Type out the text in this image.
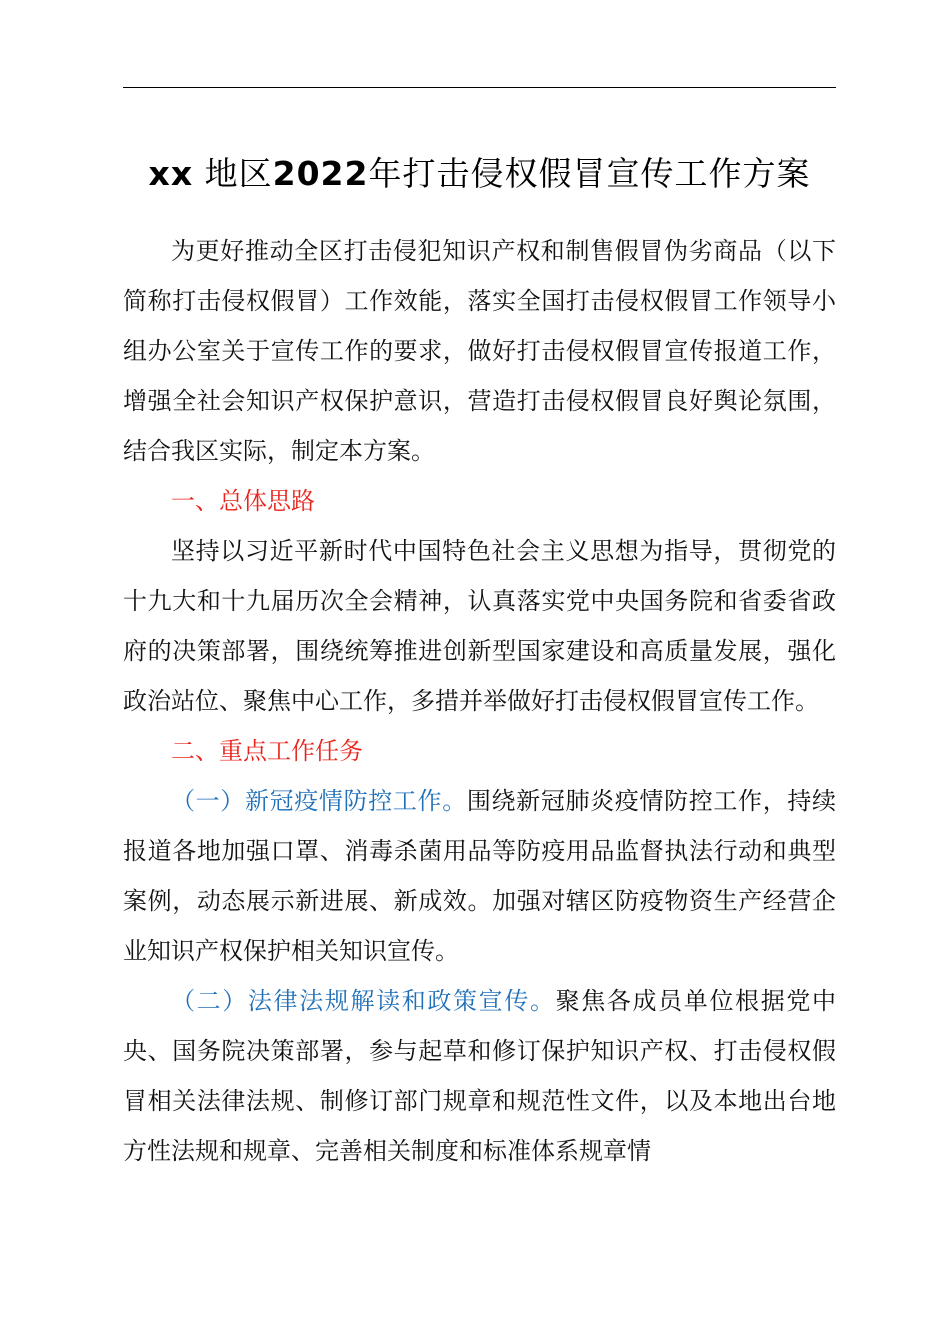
xx 地区2022年打击侵权假冒宣传工作方案

为更好推动全区打击侵犯知识产权和制售假冒伪劣商品（以下简称打击侵权假冒）工作效能，落实全国打击侵权假冒工作领导小组办公室关于宣传工作的要求，做好打击侵权假冒宣传报道工作，增强全社会知识产权保护意识，营造打击侵权假冒良好舆论氛围，结合我区实际，制定本方案。

一、总体思路

坚持以习近平新时代中国特色社会主义思想为指导，贯彻党的十九大和十九届历次全会精神，认真落实党中央国务院和省委省政府的决策部署，围绕统筹推进创新型国家建设和高质量发展，强化政治站位、聚焦中心工作，多措并举做好打击侵权假冒宣传工作。

二、重点工作任务

（一）新冠疫情防控工作。围绕新冠肺炎疫情防控工作，持续报道各地加强口罩、消毒杀菌用品等防疫用品监督执法行动和典型案例，动态展示新进展、新成效。加强对辖区防疫物资生产经营企业知识产权保护相关知识宣传。

（二）法律法规解读和政策宣传。聚焦各成员单位根据党中央、国务院决策部署，参与起草和修订保护知识产权、打击侵权假冒相关法律法规、制修订部门规章和规范性文件，以及本地出台地方性法规和规章、完善相关制度和标准体系规章情
